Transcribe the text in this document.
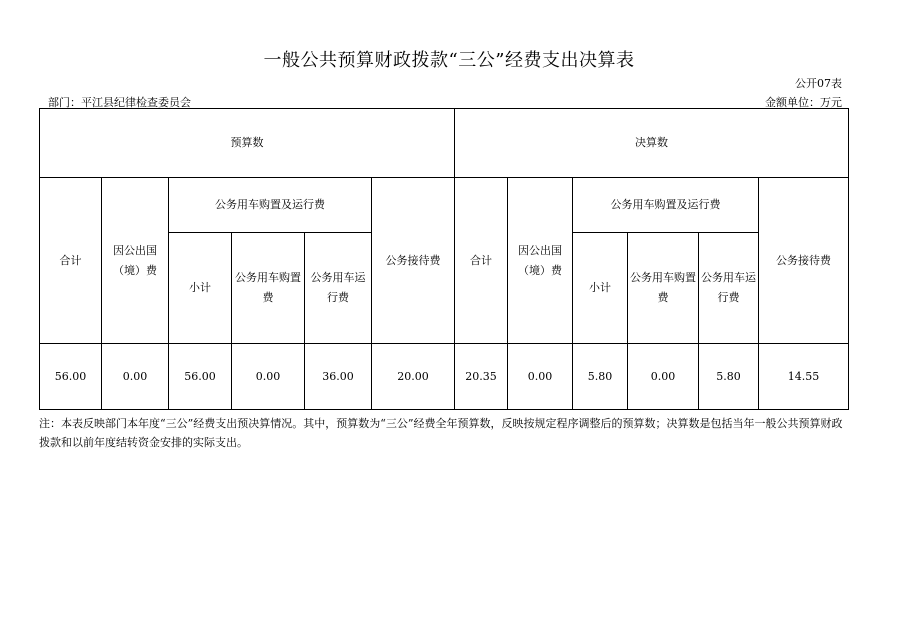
一般公共预算财政拨款“三公”经费支出决算表
公开07表
部门：平江县纪律检查委员会	金额单位：万元
预算数						决算数					
合计	因公出国（境）费	公务用车购置及运行费			公务接待费	合计	因公出国（境）费	公务用车购置及运行费			公务接待费
		小计	公务用车购置费	公务用车运行费				小计	公务用车购置费	公务用车运行费	
56.00	0.00	56.00	0.00	36.00	20.00	20.35	0.00	5.80	0.00	5.80	14.55
注：本表反映部门本年度“三公”经费支出预决算情况。其中，预算数为“三公”经费全年预算数，反映按规定程序调整后的预算数；决算数是包括当年一般公共预算财政拨款和以前年度结转资金安排的实际支出。
